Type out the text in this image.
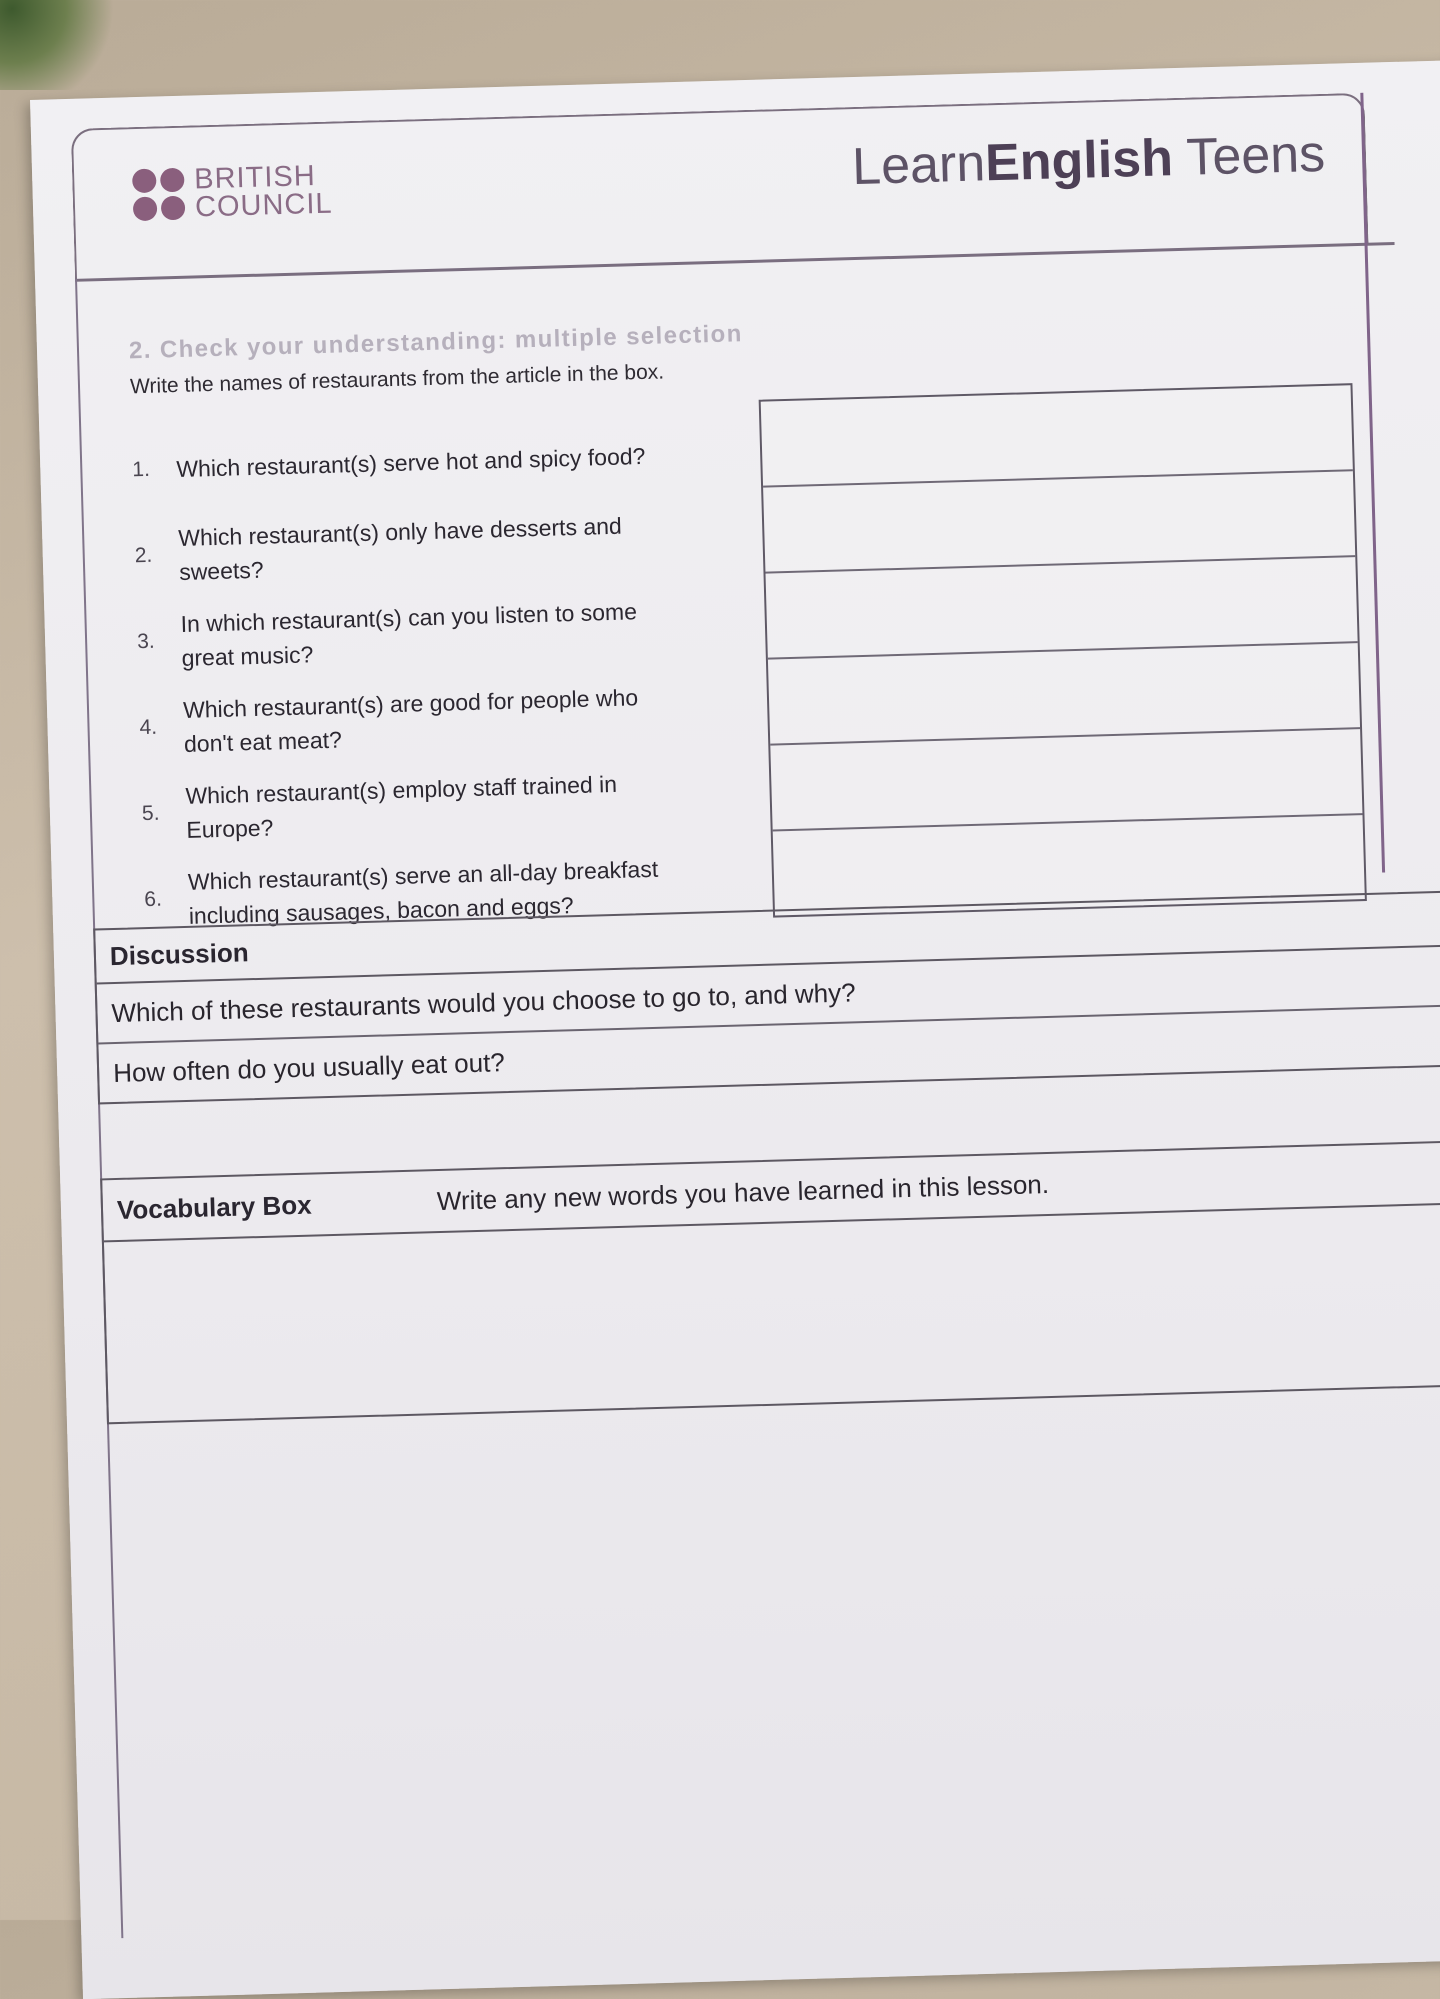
BRITISH
COUNCIL
LearnEnglish Teens
2. Check your understanding: multiple selection
Write the names of restaurants from the article in the box.
1.	Which restaurant(s) serve hot and spicy food?
2.
Which restaurant(s) only have desserts and sweets?
3.
In which restaurant(s) can you listen to some great music?
4.
Which restaurant(s) are good for people who don't eat meat?
5.
Which restaurant(s) employ staff trained in Europe?
6.
Which restaurant(s) serve an all-day breakfast including sausages, bacon and eggs?
Discussion
Which of these restaurants would you choose to go to, and why?
How often do you usually eat out?
Vocabulary Box	Write any new words you have learned in this lesson.
